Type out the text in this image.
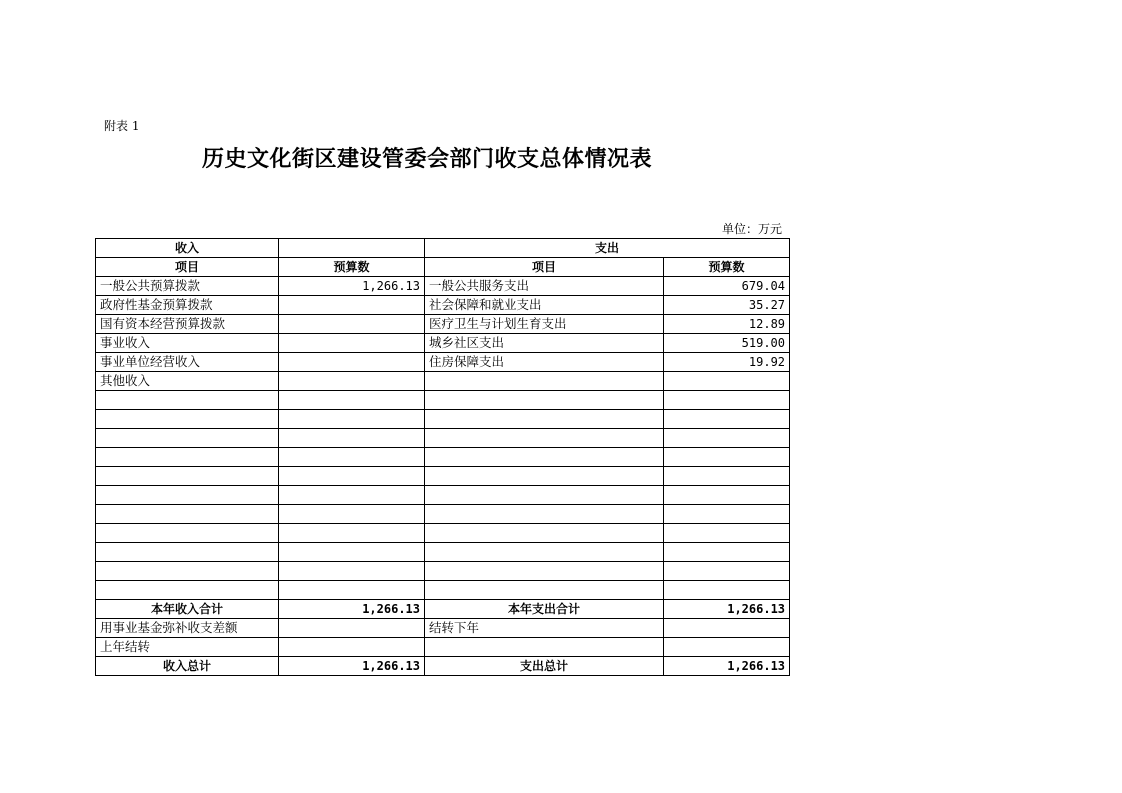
附表 1
历史文化街区建设管委会部门收支总体情况表
单位：万元
收入		支出	
项目	预算数	项目	预算数
一般公共预算拨款	1,266.13	一般公共服务支出	679.04
政府性基金预算拨款		社会保障和就业支出	35.27
国有资本经营预算拨款		医疗卫生与计划生育支出	12.89
事业收入		城乡社区支出	519.00
事业单位经营收入		住房保障支出	19.92
其他收入			

本年收入合计	1,266.13	本年支出合计	1,266.13
用事业基金弥补收支差额		结转下年	
上年结转			
收入总计	1,266.13	支出总计	1,266.13
